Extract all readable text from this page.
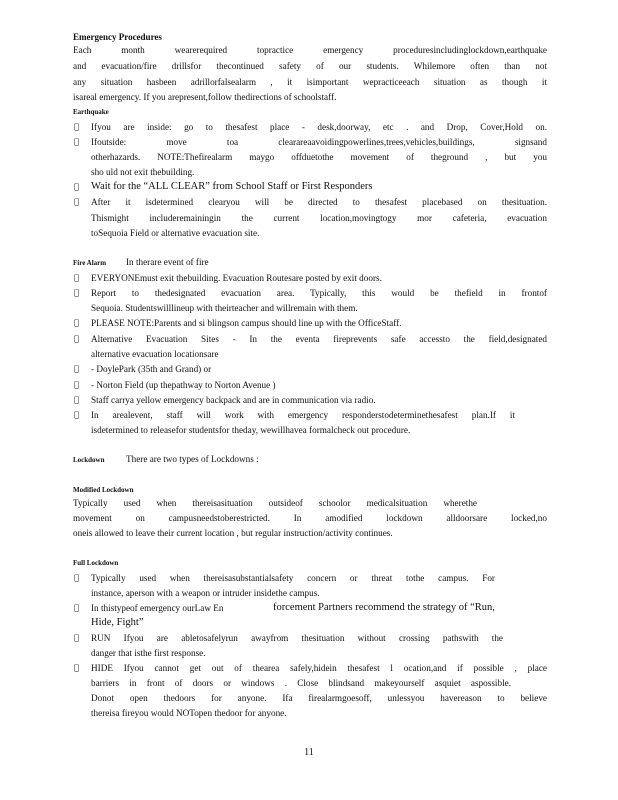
Emergency Procedures
Each month wearerequired topractice emergency proceduresincludinglockdown,earthquake
and evacuation/fire drillsfor thecontinued safety of our students. Whilemore often than not
any situation hasbeen adrillorfalsealarm , it isimportant wepracticeeach situation as though it
isareal emergency. If you arepresent,follow thedirections of schoolstaff.
Earthquake
Ifyou are inside: go to thesafest place - desk,doorway, etc . and Drop, Cover,Hold on.
Ifoutside: move toa clearareaavoidingpowerlines,trees,vehicles,buildings, signsand
otherhazards. NOTE:Thefirealarm maygo offduetothe movement of theground , but you
sho uld not exit thebuilding.
Wait for the “ALL CLEAR” from School Staff or First Responders
After it isdetermined clearyou will be directed to thesafest placebased on thesituation.
Thismight includeremainingin the current location,movingtogy mor cafeteria, evacuation
toSequoia Field or alternative evacuation site.
Fire Alarm In therare event of fire
EVERYONEmust exit thebuilding. Evacuation Routesare posted by exit doors.
Report to thedesignated evacuation area. Typically, this would be thefield in frontof
Sequoia. Studentswilllineup with theirteacher and willremain with them.
PLEASE NOTE:Parents and si blingson campus should line up with the OfficeStaff.
Alternative Evacuation Sites - In the eventa fireprevents safe accessto the field,designated
alternative evacuation locationsare
- DoylePark (35th and Grand) or
- Norton Field (up thepathway to Norton Avenue )
Staff carrya yellow emergency backpack and are in communication via radio.
In arealevent, staff will work with emergency responderstodeterminethesafest plan.If it
isdetermined to releasefor studentsfor theday, wewillhavea formalcheck out procedure.
Lockdown There are two types of Lockdowns :
Modified Lockdown
Typically used when thereisasituation outsideof schoolor medicalsituation wherethe
movement on campusneedstoberestricted. In amodified lockdown alldoorsare locked,no
oneis allowed to leave their current location , but regular instruction/activity continues.
Full Lockdown
Typically used when thereisasubstantialsafety concern or threat tothe campus. For
instance, aperson with a weapon or intruder insidethe campus.
In thistypeof emergency ourLaw En	forcement Partners recommend the strategy of “Run,
Hide, Fight”
RUN Ifyou are abletosafelyrun awayfrom thesituation without crossing pathswith the
danger that isthe first response.
HIDE Ifyou cannot get out of thearea safely,hidein thesafest l ocation,and if possible , place
barriers in front of doors or windows . Close blindsand makeyourself asquiet aspossible.
Donot open thedoors for anyone. Ifa firealarmgoesoff, unlessyou havereason to believe
thereisa fireyou would NOTopen thedoor for anyone.
11
